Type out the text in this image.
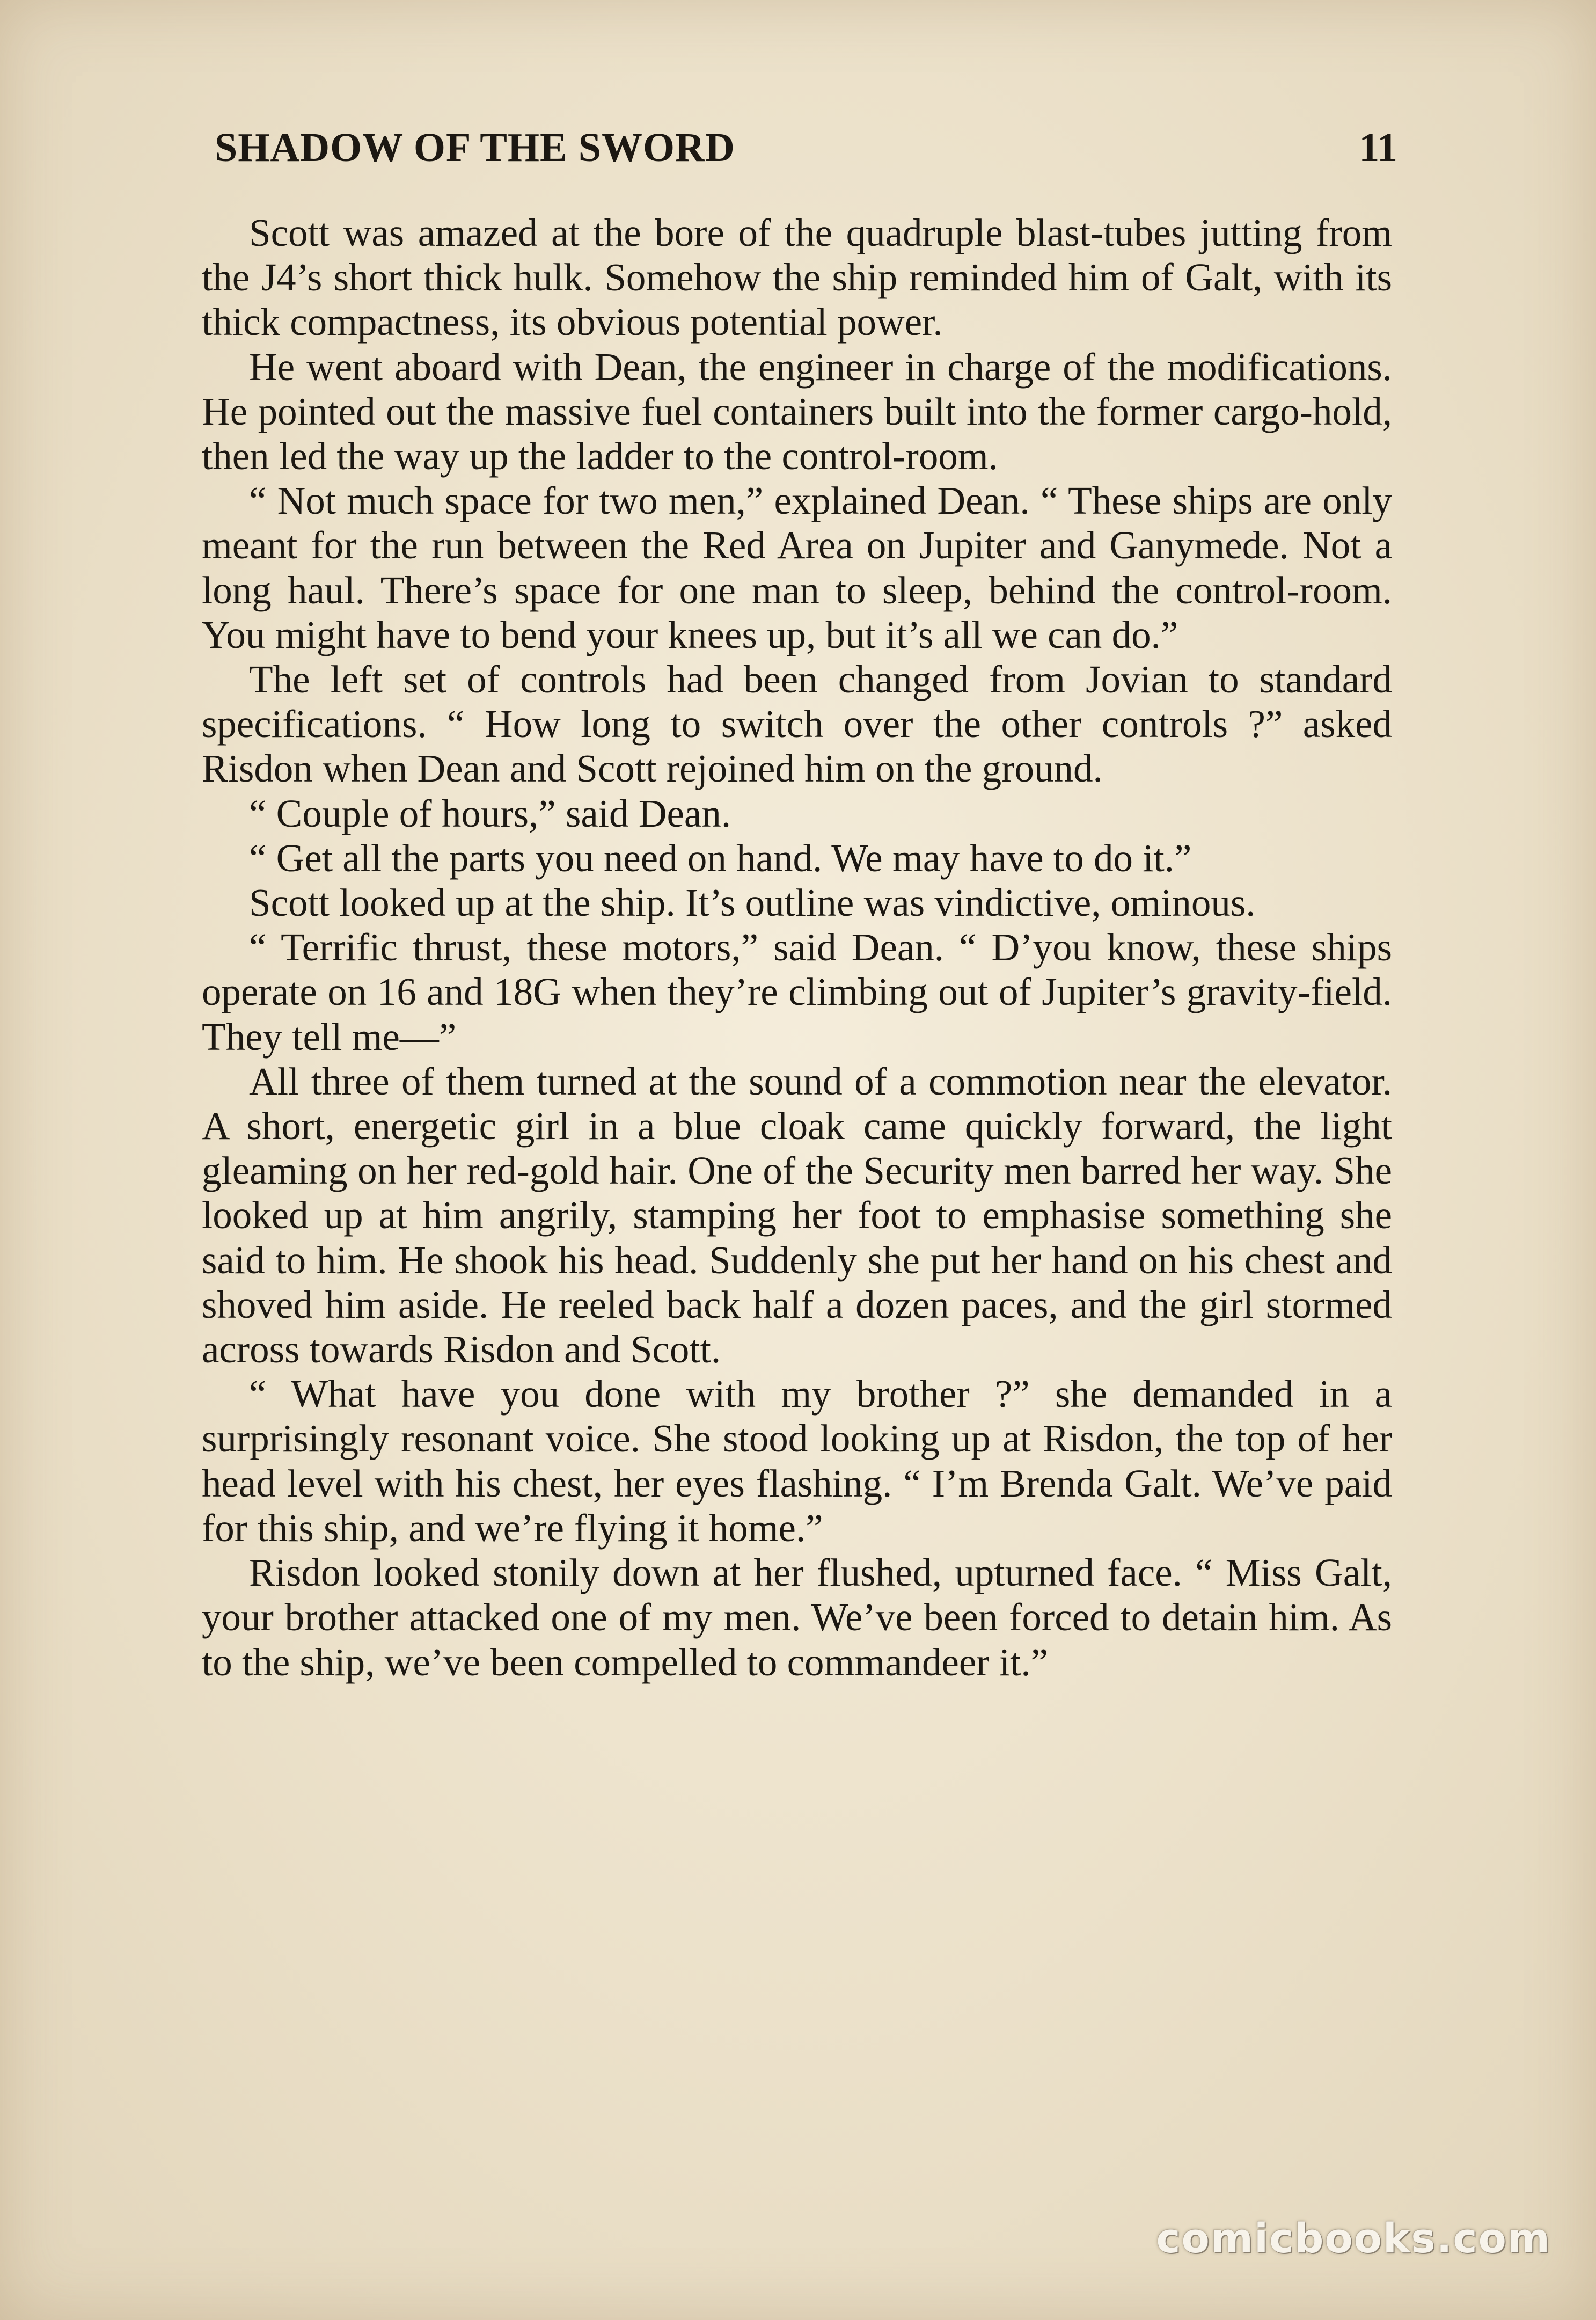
SHADOW OF THE SWORD	11

Scott was amazed at the bore of the quadruple blast-tubes jutting from the J4’s short thick hulk. Somehow the ship reminded him of Galt, with its thick compactness, its obvious potential power.

He went aboard with Dean, the engineer in charge of the modifications. He pointed out the massive fuel containers built into the former cargo-hold, then led the way up the ladder to the control-room.

“ Not much space for two men,” explained Dean. “ These ships are only meant for the run between the Red Area on Jupiter and Ganymede. Not a long haul. There’s space for one man to sleep, behind the control-room. You might have to bend your knees up, but it’s all we can do.”

The left set of controls had been changed from Jovian to standard specifications. “ How long to switch over the other controls ?” asked Risdon when Dean and Scott rejoined him on the ground.

“ Couple of hours,” said Dean.

“ Get all the parts you need on hand. We may have to do it.”

Scott looked up at the ship. It’s outline was vindictive, ominous.

“ Terrific thrust, these motors,” said Dean. “ D’you know, these ships operate on 16 and 18G when they’re climbing out of Jupiter’s gravity-field. They tell me—”

All three of them turned at the sound of a commotion near the elevator. A short, energetic girl in a blue cloak came quickly forward, the light gleaming on her red-gold hair. One of the Security men barred her way. She looked up at him angrily, stamping her foot to emphasise something she said to him. He shook his head. Suddenly she put her hand on his chest and shoved him aside. He reeled back half a dozen paces, and the girl stormed across towards Risdon and Scott.

“ What have you done with my brother ?” she demanded in a surprisingly resonant voice. She stood looking up at Risdon, the top of her head level with his chest, her eyes flashing. “ I’m Brenda Galt. We’ve paid for this ship, and we’re flying it home.”

Risdon looked stonily down at her flushed, upturned face. “ Miss Galt, your brother attacked one of my men. We’ve been forced to detain him. As to the ship, we’ve been compelled to commandeer it.”

comicbooks.com
